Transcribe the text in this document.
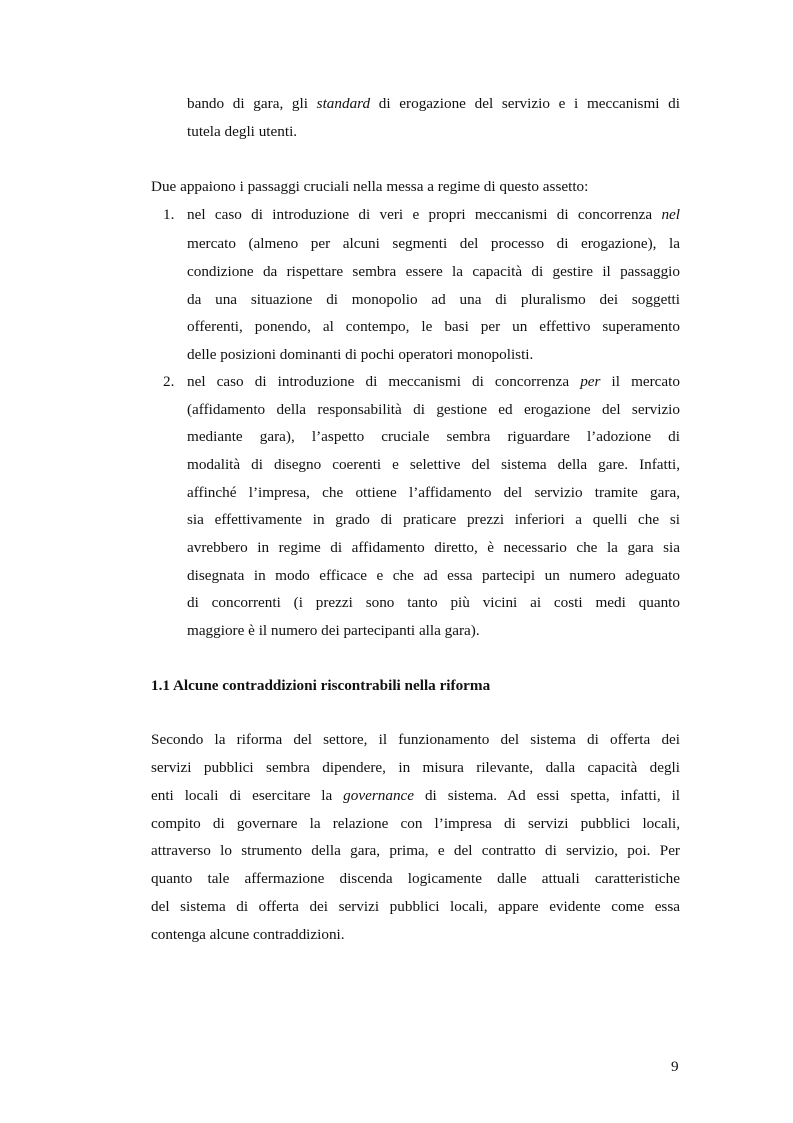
bando di gara, gli standard di erogazione del servizio e i meccanismi di
tutela degli utenti.
Due appaiono i passaggi cruciali nella messa a regime di questo assetto:
1. nel caso di introduzione di veri e propri meccanismi di concorrenza nel
mercato (almeno per alcuni segmenti del processo di erogazione), la
condizione da rispettare sembra essere la capacità di gestire il passaggio
da una situazione di monopolio ad una di pluralismo dei soggetti
offerenti, ponendo, al contempo, le basi per un effettivo superamento
delle posizioni dominanti di pochi operatori monopolisti.
2. nel caso di introduzione di meccanismi di concorrenza per il mercato
(affidamento della responsabilità di gestione ed erogazione del servizio
mediante gara), l’aspetto cruciale sembra riguardare l’adozione di
modalità di disegno coerenti e selettive del sistema della gare. Infatti,
affinché l’impresa, che ottiene l’affidamento del servizio tramite gara,
sia effettivamente in grado di praticare prezzi inferiori a quelli che si
avrebbero in regime di affidamento diretto, è necessario che la gara sia
disegnata in modo efficace e che ad essa partecipi un numero adeguato
di concorrenti (i prezzi sono tanto più vicini ai costi medi quanto
maggiore è il numero dei partecipanti alla gara).
1.1 Alcune contraddizioni riscontrabili nella riforma
Secondo la riforma del settore, il funzionamento del sistema di offerta dei
servizi pubblici sembra dipendere, in misura rilevante, dalla capacità degli
enti locali di esercitare la governance di sistema. Ad essi spetta, infatti, il
compito di governare la relazione con l’impresa di servizi pubblici locali,
attraverso lo strumento della gara, prima, e del contratto di servizio, poi. Per
quanto tale affermazione discenda logicamente dalle attuali caratteristiche
del sistema di offerta dei servizi pubblici locali, appare evidente come essa
contenga alcune contraddizioni.
9
